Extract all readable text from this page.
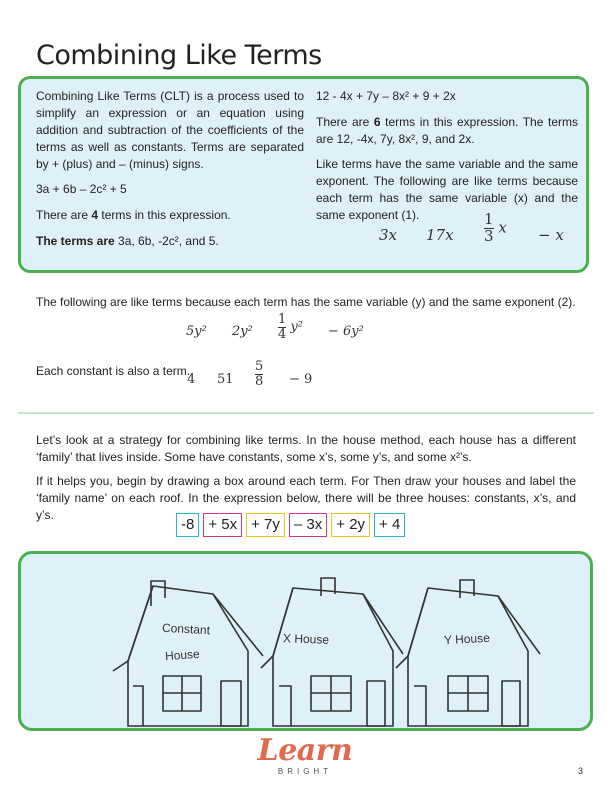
Combining Like Terms
Combining Like Terms (CLT) is a process used to simplify an expression or an equation using addition and subtraction of the coefficients of the terms as well as constants. Terms are separated by + (plus) and – (minus) signs.
3a + 6b – 2c² + 5
There are 4 terms in this expression.
The terms are 3a, 6b, -2c², and 5.
12 - 4x + 7y – 8x² + 9 + 2x
There are 6 terms in this expression. The terms are 12, -4x, 7y, 8x², 9, and 2x.
Like terms have the same variable and the same exponent. The following are like terms because each term has the same variable (x) and the same exponent (1).
3x $17x \frac{1}{3}$ x − x
The following are like terms because each term has the same variable (y) and the same exponent (2).
5y² $2y^2 \frac{1}{4} y^2 - 6y^2$
Each constant is also a term.
4 $51 \frac{5}{8} - 9$
Let’s look at a strategy for combining like terms. In the house method, each house has a different ‘family’ that lives inside. Some have constants, some x’s, some y’s, and some x²’s.
If it helps you, begin by drawing a box around each term. For Then draw your houses and label the ‘family name’ on each roof. In the expression below, there will be three houses: constants, x’s, and y’s.
-8 + 5x + 7y – 3x + 2y + 4
Constant
House
X House	Y House
Learn
BRIGHT	3
